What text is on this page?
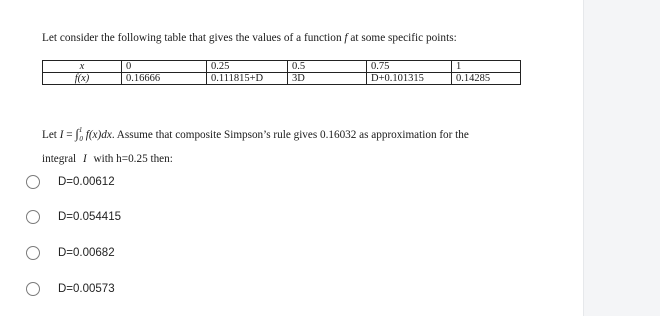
Let consider the following table that gives the values of a function f at some specific points:
x	0	0.25	0.5	0.75	1
f(x)	0.16666	0.111815+D	3D	D+0.101315	0.14285
Let I = ∫$^1_0$ f(x)dx. Assume that composite Simpson’s rule gives 0.16032 as approximation for the
integral I with h=0.25 then:
D=0.00612
D=0.054415
D=0.00682
D=0.00573
